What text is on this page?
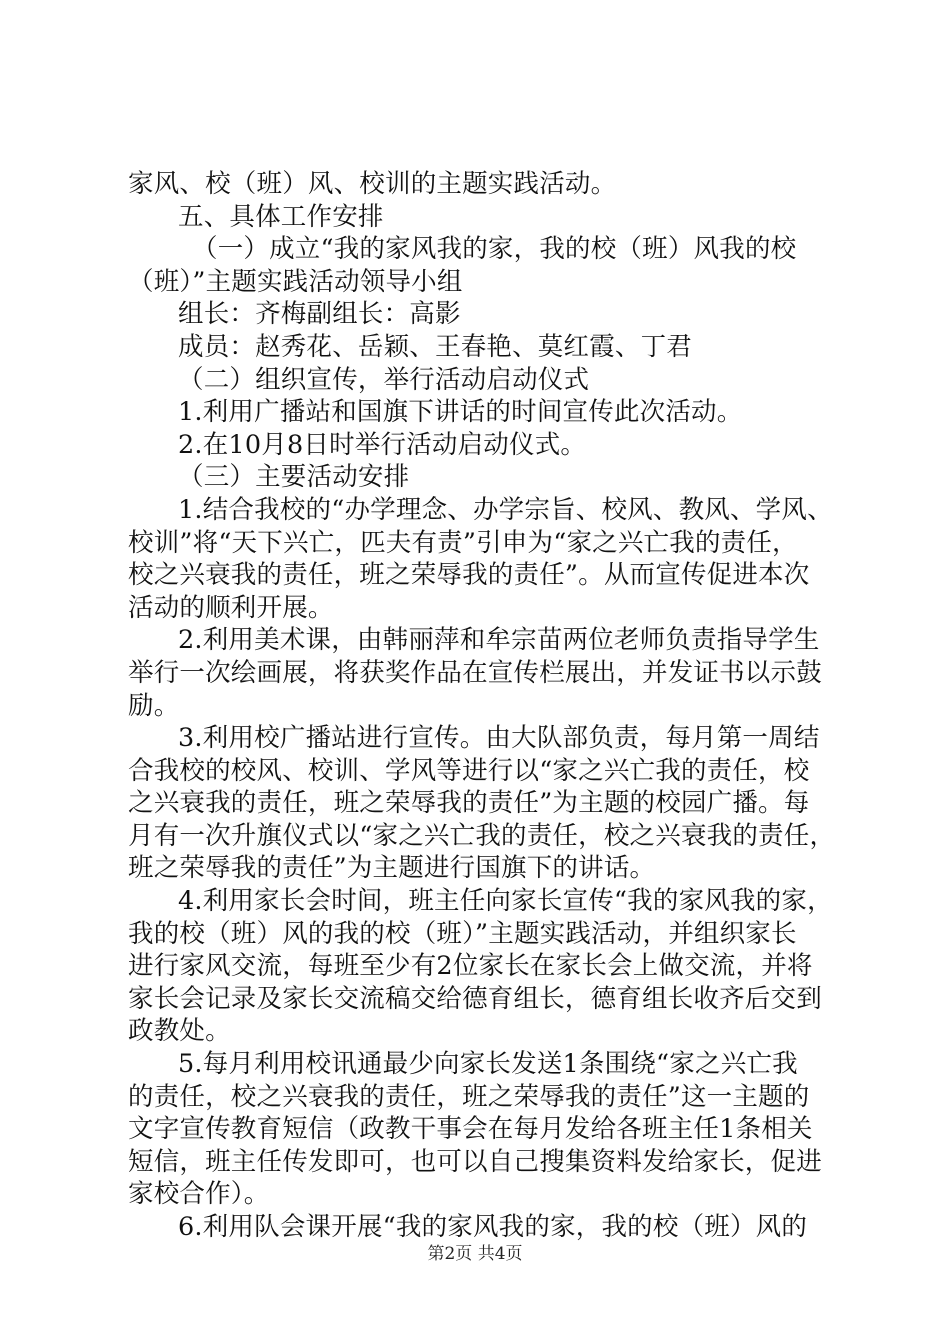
家风、校（班）风、校训的主题实践活动。
五、具体工作安排
（一）成立“我的家风我的家，我的校（班）风我的校
（班）”主题实践活动领导小组
组长：齐梅副组长：高影
成员：赵秀花、岳颖、王春艳、莫红霞、丁君
（二）组织宣传，举行活动启动仪式
1.利用广播站和国旗下讲话的时间宣传此次活动。
2.在10月8日时举行活动启动仪式。
（三）主要活动安排
1.结合我校的“办学理念、办学宗旨、校风、教风、学风、
校训”将“天下兴亡，匹夫有责”引申为“家之兴亡我的责任，
校之兴衰我的责任，班之荣辱我的责任”。从而宣传促进本次
活动的顺利开展。
2.利用美术课，由韩丽萍和牟宗苗两位老师负责指导学生
举行一次绘画展，将获奖作品在宣传栏展出，并发证书以示鼓
励。
3.利用校广播站进行宣传。由大队部负责，每月第一周结
合我校的校风、校训、学风等进行以“家之兴亡我的责任，校
之兴衰我的责任，班之荣辱我的责任”为主题的校园广播。每
月有一次升旗仪式以“家之兴亡我的责任，校之兴衰我的责任，
班之荣辱我的责任”为主题进行国旗下的讲话。
4.利用家长会时间，班主任向家长宣传“我的家风我的家，
我的校（班）风的我的校（班）”主题实践活动，并组织家长
进行家风交流，每班至少有2位家长在家长会上做交流，并将
家长会记录及家长交流稿交给德育组长，德育组长收齐后交到
政教处。
5.每月利用校讯通最少向家长发送1条围绕“家之兴亡我
的责任，校之兴衰我的责任，班之荣辱我的责任”这一主题的
文字宣传教育短信（政教干事会在每月发给各班主任1条相关
短信，班主任传发即可，也可以自己搜集资料发给家长，促进
家校合作）。
6.利用队会课开展“我的家风我的家，我的校（班）风的
第2页 共4页
